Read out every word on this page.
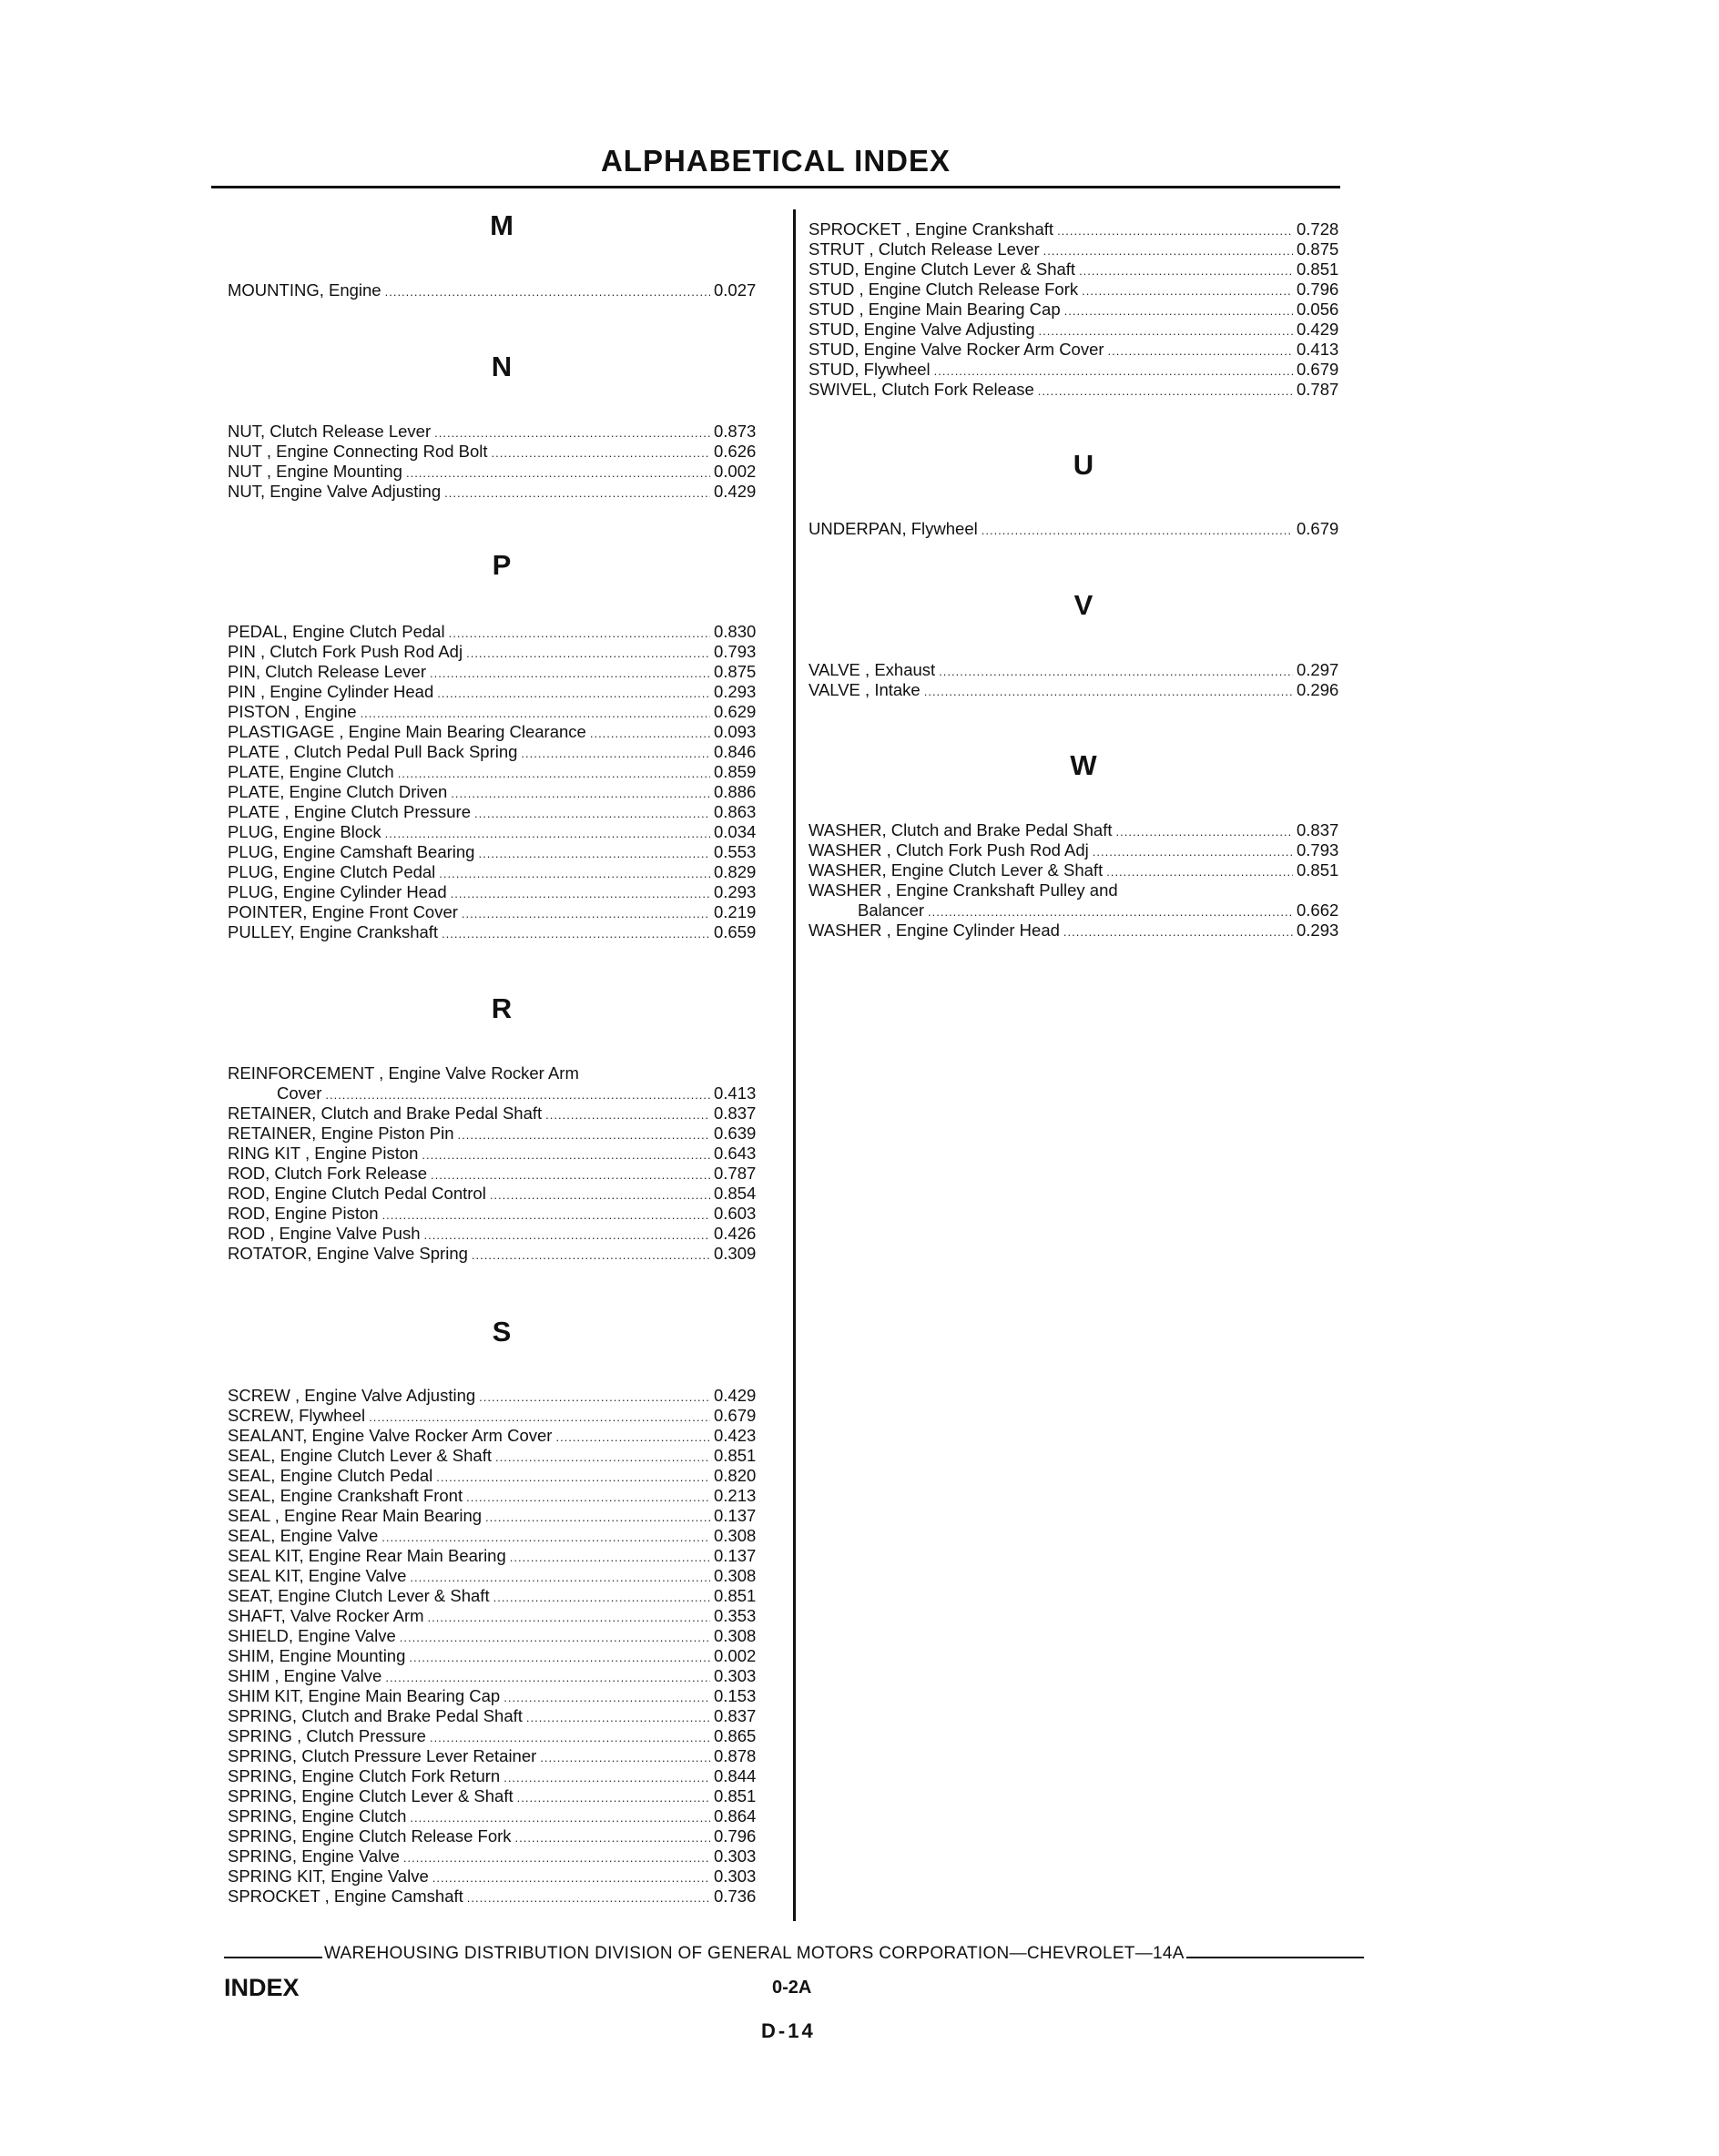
ALPHABETICAL INDEX
M
MOUNTING, Engine .....	0.027
N
NUT, Clutch Release Lever .....	0.873
NUT , Engine Connecting Rod Bolt .....	0.626
NUT , Engine Mounting .....	0.002
NUT, Engine Valve Adjusting .....	0.429
P
PEDAL, Engine Clutch Pedal .....	0.830
PIN , Clutch Fork Push Rod Adj .....	0.793
PIN, Clutch Release Lever .....	0.875
PIN , Engine Cylinder Head .....	0.293
PISTON , Engine .....	0.629
PLASTIGAGE , Engine Main Bearing Clearance .....	0.093
PLATE , Clutch Pedal Pull Back Spring .....	0.846
PLATE, Engine Clutch .....	0.859
PLATE, Engine Clutch Driven .....	0.886
PLATE , Engine Clutch Pressure .....	0.863
PLUG, Engine Block .....	0.034
PLUG, Engine Camshaft Bearing .....	0.553
PLUG, Engine Clutch Pedal .....	0.829
PLUG, Engine Cylinder Head .....	0.293
POINTER, Engine Front Cover .....	0.219
PULLEY, Engine Crankshaft .....	0.659
R
REINFORCEMENT , Engine Valve Rocker Arm
Cover .....	0.413
RETAINER, Clutch and Brake Pedal Shaft .....	0.837
RETAINER, Engine Piston Pin .....	0.639
RING KIT , Engine Piston .....	0.643
ROD, Clutch Fork Release .....	0.787
ROD, Engine Clutch Pedal Control .....	0.854
ROD, Engine Piston .....	0.603
ROD , Engine Valve Push .....	0.426
ROTATOR, Engine Valve Spring .....	0.309
S
SCREW , Engine Valve Adjusting .....	0.429
SCREW, Flywheel .....	0.679
SEALANT, Engine Valve Rocker Arm Cover .....	0.423
SEAL, Engine Clutch Lever & Shaft .....	0.851
SEAL, Engine Clutch Pedal .....	0.820
SEAL, Engine Crankshaft Front .....	0.213
SEAL , Engine Rear Main Bearing .....	0.137
SEAL, Engine Valve .....	0.308
SEAL KIT, Engine Rear Main Bearing .....	0.137
SEAL KIT, Engine Valve .....	0.308
SEAT, Engine Clutch Lever & Shaft .....	0.851
SHAFT, Valve Rocker Arm .....	0.353
SHIELD, Engine Valve .....	0.308
SHIM, Engine Mounting .....	0.002
SHIM , Engine Valve .....	0.303
SHIM KIT, Engine Main Bearing Cap .....	0.153
SPRING, Clutch and Brake Pedal Shaft .....	0.837
SPRING , Clutch Pressure .....	0.865
SPRING, Clutch Pressure Lever Retainer .....	0.878
SPRING, Engine Clutch Fork Return .....	0.844
SPRING, Engine Clutch Lever & Shaft .....	0.851
SPRING, Engine Clutch .....	0.864
SPRING, Engine Clutch Release Fork .....	0.796
SPRING, Engine Valve .....	0.303
SPRING KIT, Engine Valve .....	0.303
SPROCKET , Engine Camshaft .....	0.736
SPROCKET , Engine Crankshaft .....	0.728
STRUT , Clutch Release Lever .....	0.875
STUD, Engine Clutch Lever & Shaft .....	0.851
STUD , Engine Clutch Release Fork .....	0.796
STUD , Engine Main Bearing Cap .....	0.056
STUD, Engine Valve Adjusting .....	0.429
STUD, Engine Valve Rocker Arm Cover .....	0.413
STUD, Flywheel .....	0.679
SWIVEL, Clutch Fork Release .....	0.787
U
UNDERPAN, Flywheel .....	0.679
V
VALVE , Exhaust .....	0.297
VALVE , Intake .....	0.296
W
WASHER, Clutch and Brake Pedal Shaft .....	0.837
WASHER , Clutch Fork Push Rod Adj .....	0.793
WASHER, Engine Clutch Lever & Shaft .....	0.851
WASHER , Engine Crankshaft Pulley and
Balancer .....	0.662
WASHER , Engine Cylinder Head .....	0.293
WAREHOUSING DISTRIBUTION DIVISION OF GENERAL MOTORS CORPORATION—CHEVROLET—14A
INDEX	0-2A
D-14
